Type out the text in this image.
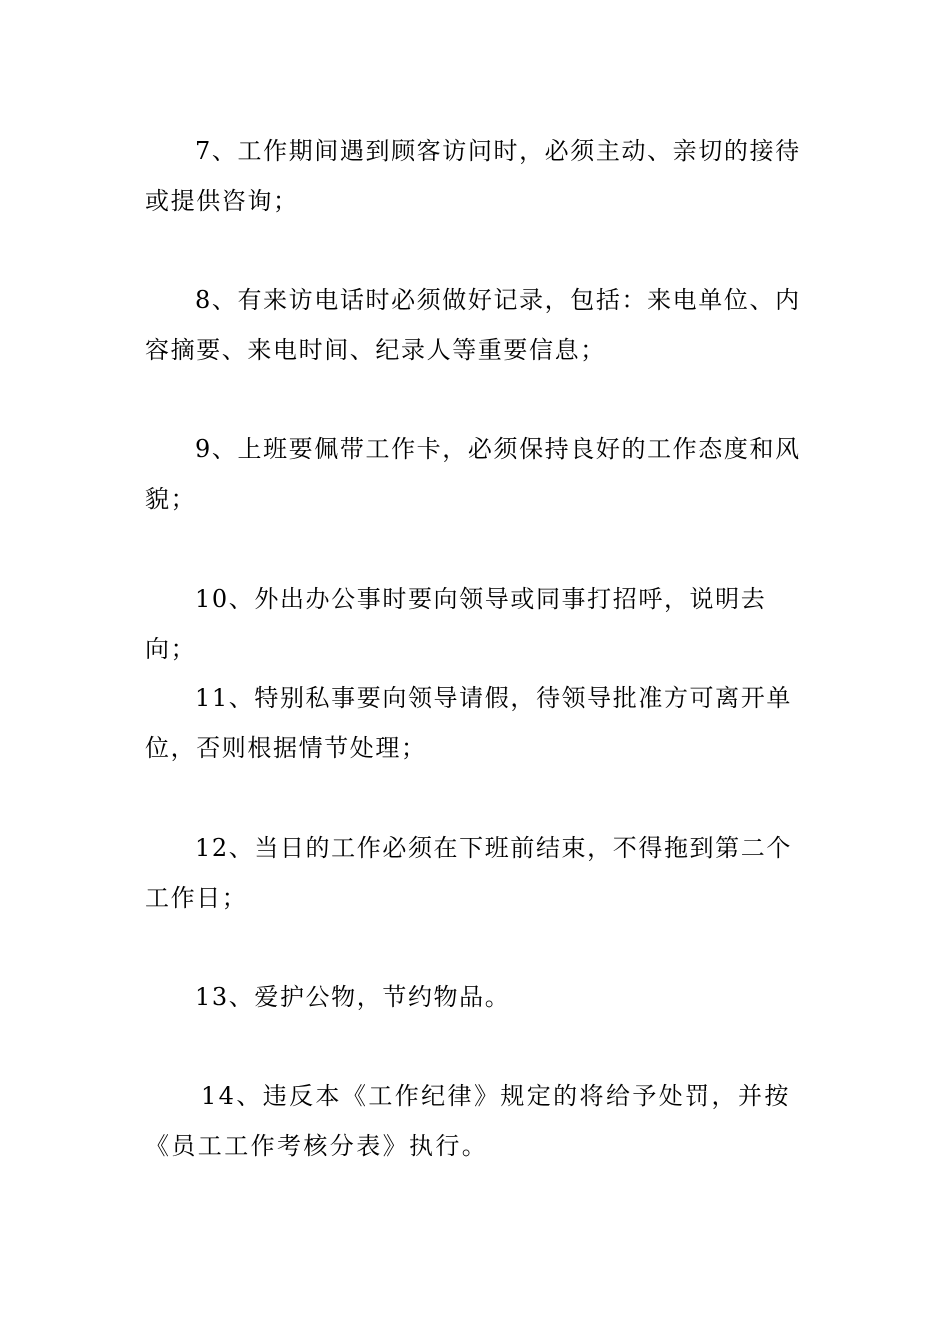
7、工作期间遇到顾客访问时，必须主动、亲切的接待或提供咨询；

8、有来访电话时必须做好记录，包括：来电单位、内容摘要、来电时间、纪录人等重要信息；

9、上班要佩带工作卡，必须保持良好的工作态度和风貌；

10、外出办公事时要向领导或同事打招呼，说明去向；

11、特别私事要向领导请假，待领导批准方可离开单位，否则根据情节处理；

12、当日的工作必须在下班前结束，不得拖到第二个工作日；

13、爱护公物，节约物品。

14、违反本《工作纪律》规定的将给予处罚，并按《员工工作考核分表》执行。
